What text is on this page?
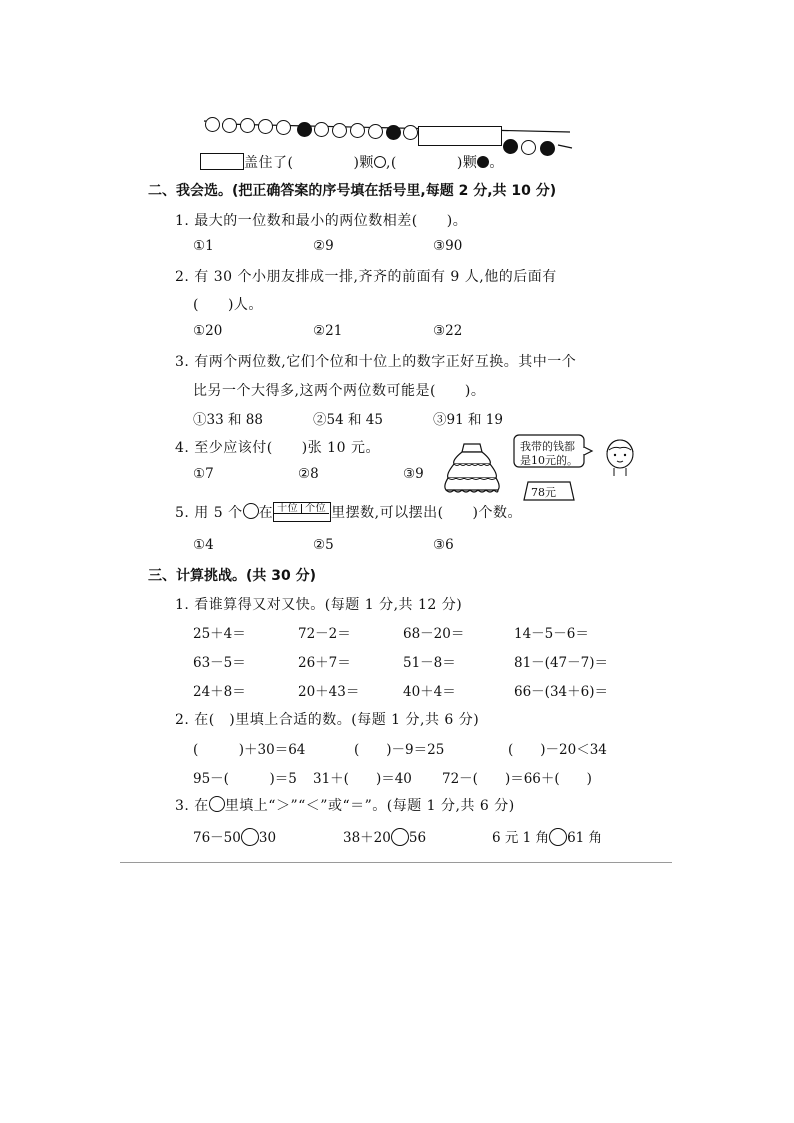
盖住了(	)颗 ,(	)颗 。
二、我会选。(把正确答案的序号填在括号里,每题 2 分,共 10 分)
1. 最大的一位数和最小的两位数相差(　　)。
①1	②9	③90
2. 有 30 个小朋友排成一排,齐齐的前面有 9 人,他的后面有
(　　)人。
①20	②21	③22
3. 有两个两位数,它们个位和十位上的数字正好互换。其中一个
比另一个大得多,这两个两位数可能是(　　)。
①33 和 88	②54 和 45	③91 和 19
4. 至少应该付(　　)张 10 元。
①7	②8	③9
我带的钱都
是10元的。
78元
5. 用 5 个 在 十位 个位 里摆数,可以摆出(　　)个数。
①4	②5	③6
三、计算挑战。(共 30 分)
1. 看谁算得又对又快。(每题 1 分,共 12 分)
25＋4＝	72－2＝	68－20＝	14－5－6＝
63－5＝	26＋7＝	51－8＝	81－(47－7)＝
24＋8＝	20＋43＝	40＋4＝	66－(34＋6)＝
2. 在(　)里填上合适的数。(每题 1 分,共 6 分)
(　　　)＋30＝64	(　　)－9＝25	(　　)－20＜34
95－(　　　)＝5 31＋(　　)＝40 72－(　　)＝66＋(　　)
3. 在 里填上“＞”“＜”或“＝”。(每题 1 分,共 6 分)
76－50 30	38＋20 56	6 元 1 角 61 角
